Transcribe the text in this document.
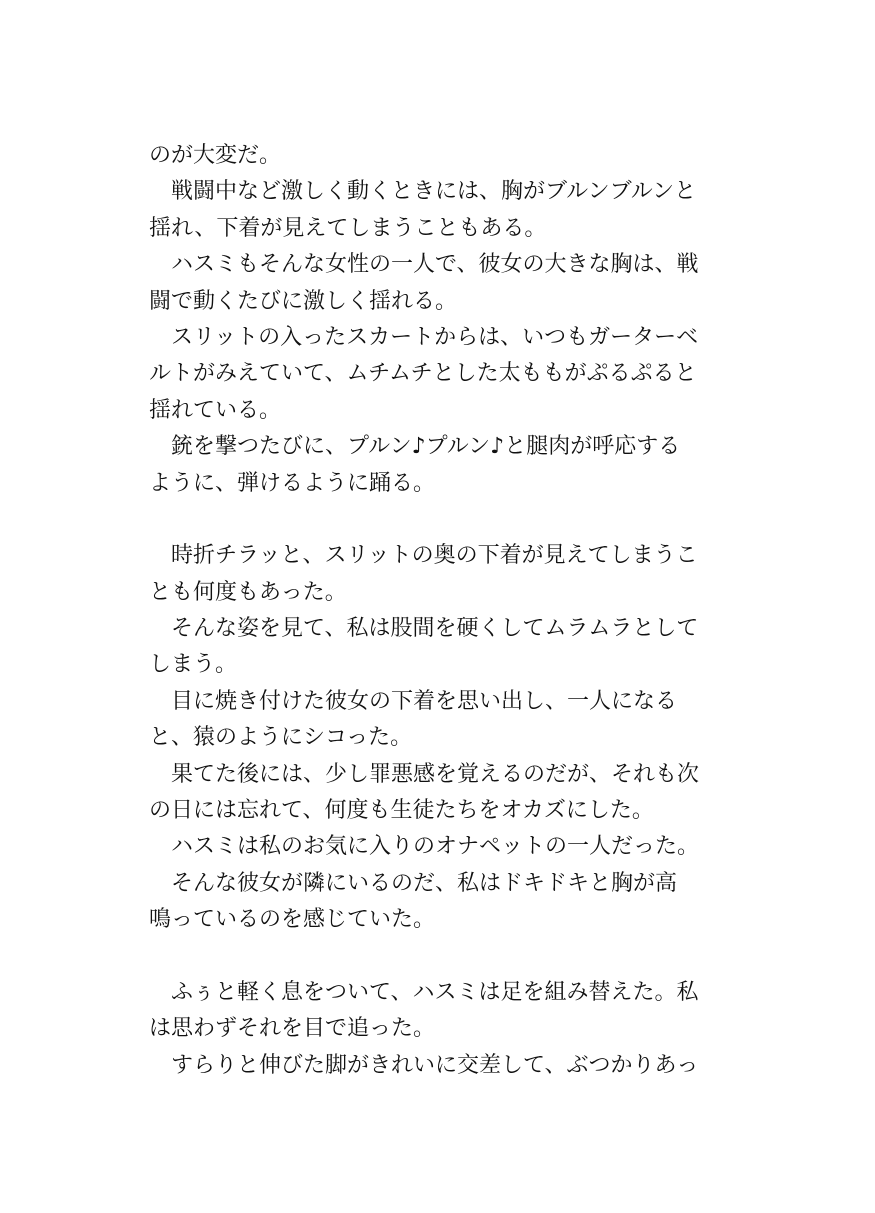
のが大変だ。
　戦闘中など激しく動くときには、胸がブルンブルンと
揺れ、下着が見えてしまうこともある。
　ハスミもそんな女性の一人で、彼女の大きな胸は、戦
闘で動くたびに激しく揺れる。
　スリットの入ったスカートからは、いつもガーターベ
ルトがみえていて、ムチムチとした太ももがぷるぷると
揺れている。
　銃を撃つたびに、プルン♪プルン♪と腿肉が呼応する
ように、弾けるように踊る。
　時折チラッと、スリットの奥の下着が見えてしまうこ
とも何度もあった。
　そんな姿を見て、私は股間を硬くしてムラムラとして
しまう。
　目に焼き付けた彼女の下着を思い出し、一人になる
と、猿のようにシコった。
　果てた後には、少し罪悪感を覚えるのだが、それも次
の日には忘れて、何度も生徒たちをオカズにした。
　ハスミは私のお気に入りのオナペットの一人だった。
　そんな彼女が隣にいるのだ、私はドキドキと胸が高
鳴っているのを感じていた。
　ふぅと軽く息をついて、ハスミは足を組み替えた。私
は思わずそれを目で追った。
　すらりと伸びた脚がきれいに交差して、ぶつかりあっ
